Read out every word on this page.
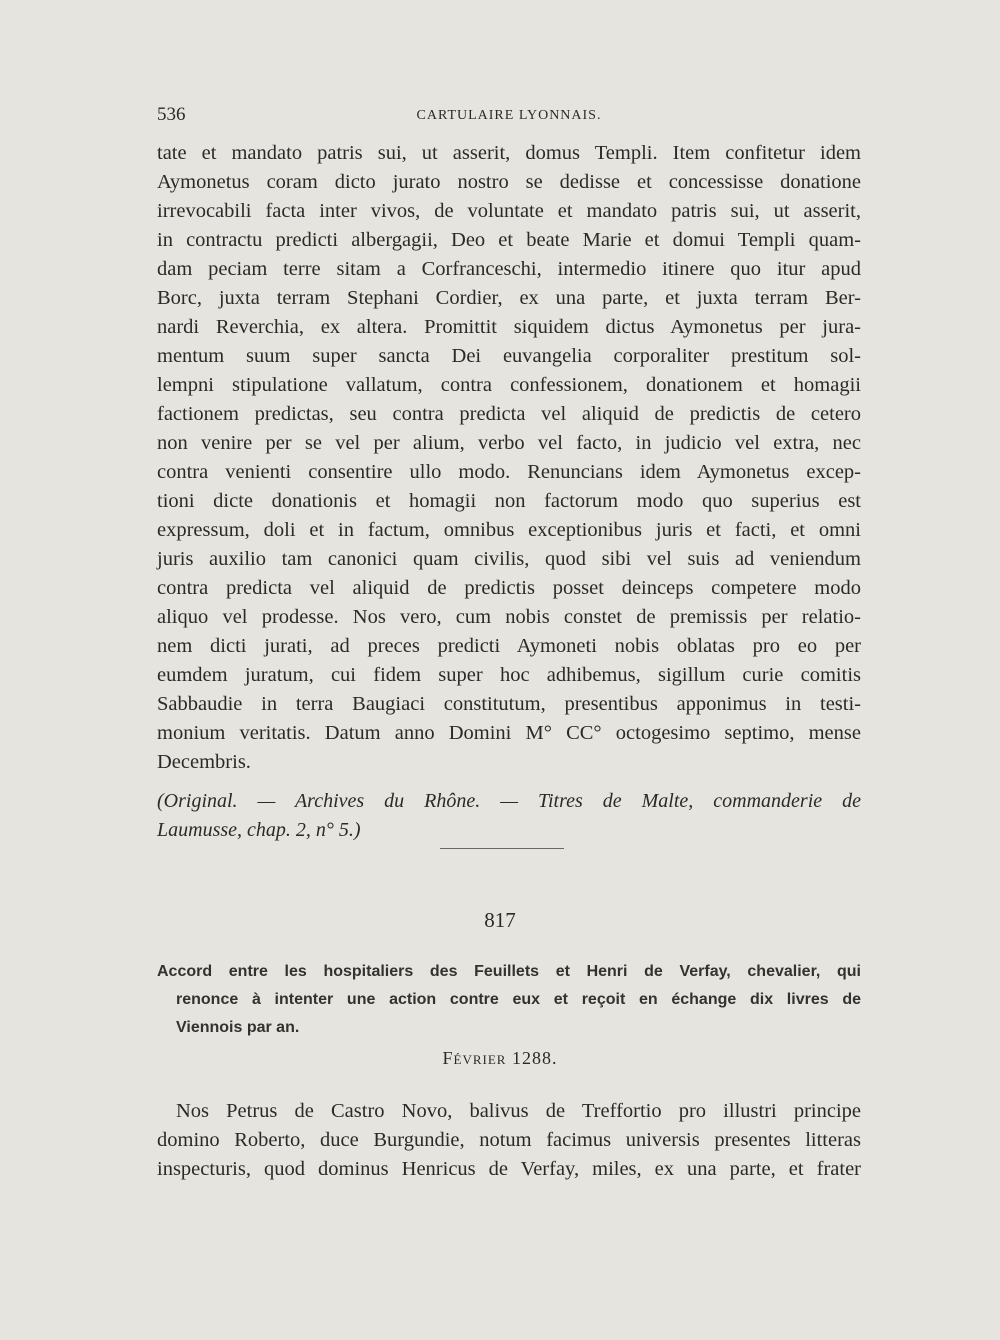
536	CARTULAIRE LYONNAIS.
tate et mandato patris sui, ut asserit, domus Templi. Item confitetur idem
Aymonetus coram dicto jurato nostro se dedisse et concessisse donatione
irrevocabili facta inter vivos, de voluntate et mandato patris sui, ut asserit,
in contractu predicti albergagii, Deo et beate Marie et domui Templi quam-
dam peciam terre sitam a Corfranceschi, intermedio itinere quo itur apud
Borc, juxta terram Stephani Cordier, ex una parte, et juxta terram Ber-
nardi Reverchia, ex altera. Promittit siquidem dictus Aymonetus per jura-
mentum suum super sancta Dei euvangelia corporaliter prestitum sol-
lempni stipulatione vallatum, contra confessionem, donationem et homagii
factionem predictas, seu contra predicta vel aliquid de predictis de cetero
non venire per se vel per alium, verbo vel facto, in judicio vel extra, nec
contra venienti consentire ullo modo. Renuncians idem Aymonetus excep-
tioni dicte donationis et homagii non factorum modo quo superius est
expressum, doli et in factum, omnibus exceptionibus juris et facti, et omni
juris auxilio tam canonici quam civilis, quod sibi vel suis ad veniendum
contra predicta vel aliquid de predictis posset deinceps competere modo
aliquo vel prodesse. Nos vero, cum nobis constet de premissis per relatio-
nem dicti jurati, ad preces predicti Aymoneti nobis oblatas pro eo per
eumdem juratum, cui fidem super hoc adhibemus, sigillum curie comitis
Sabbaudie in terra Baugiaci constitutum, presentibus apponimus in testi-
monium veritatis. Datum anno Domini M° CC° octogesimo septimo, mense
Decembris.
(Original. — Archives du Rhône. — Titres de Malte, commanderie de
Laumusse, chap. 2, n° 5.)
817
Accord entre les hospitaliers des Feuillets et Henri de Verfay, chevalier, qui
renonce à intenter une action contre eux et reçoit en échange dix livres de
Viennois par an.
Février 1288.
Nos Petrus de Castro Novo, balivus de Treffortio pro illustri principe
domino Roberto, duce Burgundie, notum facimus universis presentes litteras
inspecturis, quod dominus Henricus de Verfay, miles, ex una parte, et frater
